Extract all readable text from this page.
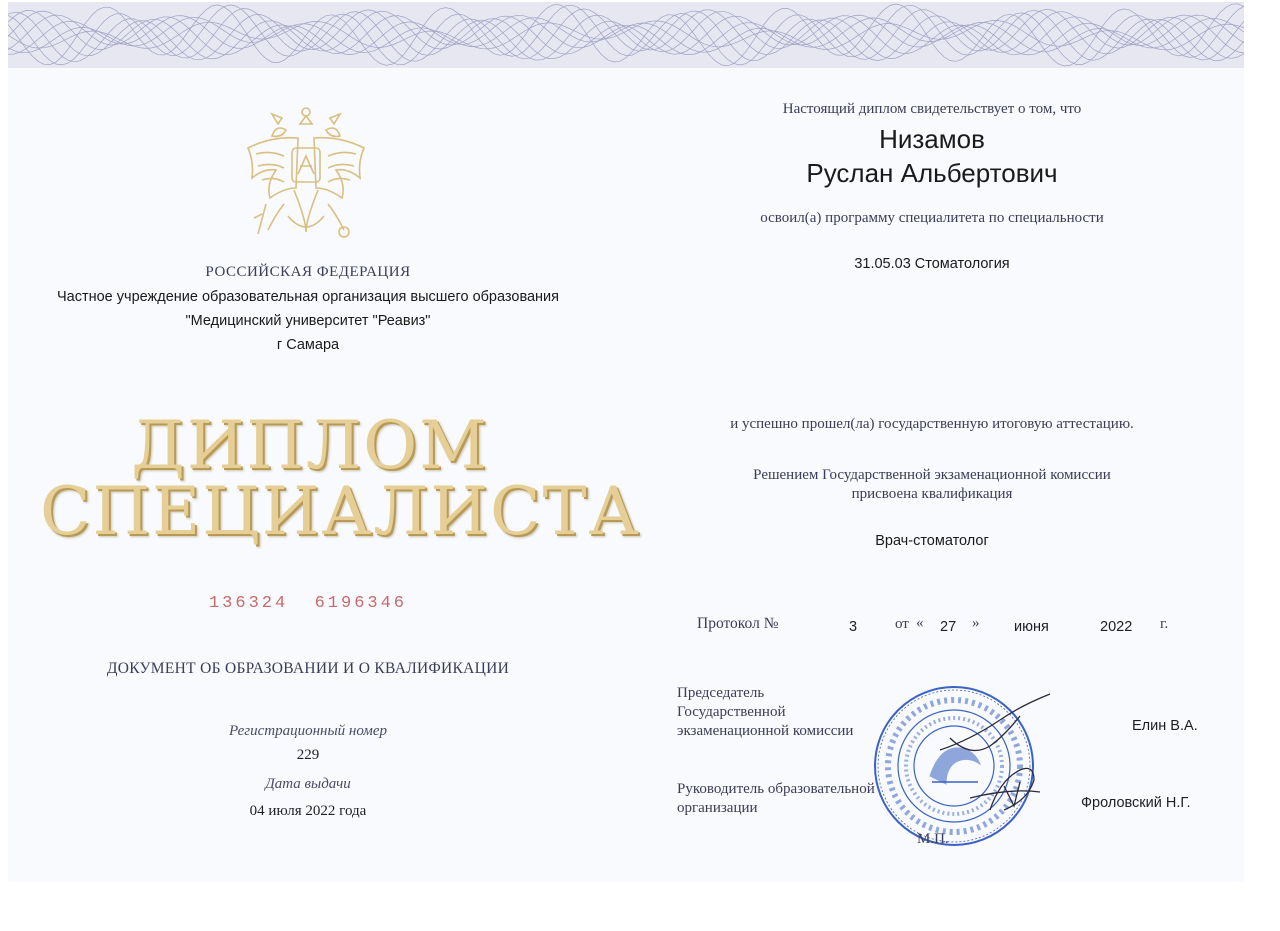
РОССИЙСКАЯ ФЕДЕРАЦИЯ
Частное учреждение образовательная организация высшего образования
"Медицинский университет "Реавиз"
г Самара
ДИПЛОМ
СПЕЦИАЛИСТА
136324  6196346
ДОКУМЕНТ ОБ ОБРАЗОВАНИИ И О КВАЛИФИКАЦИИ
Регистрационный номер
229
Дата выдачи
04 июля 2022 года
Настоящий диплом свидетельствует о том, что
Низамов
Руслан Альбертович
освоил(а) программу специалитета по специальности
31.05.03 Стоматология
и успешно прошел(ла) государственную итоговую аттестацию.
Решением Государственной экзаменационной комиссии
присвоена квалификация
Врач-стоматолог
Протокол №	3	от « 27 » июня	2022 г.
Председатель
Государственной
экзаменационной комиссии	Елин В.А.
Руководитель образовательной
организации	Фроловский Н.Г.
М.П.
